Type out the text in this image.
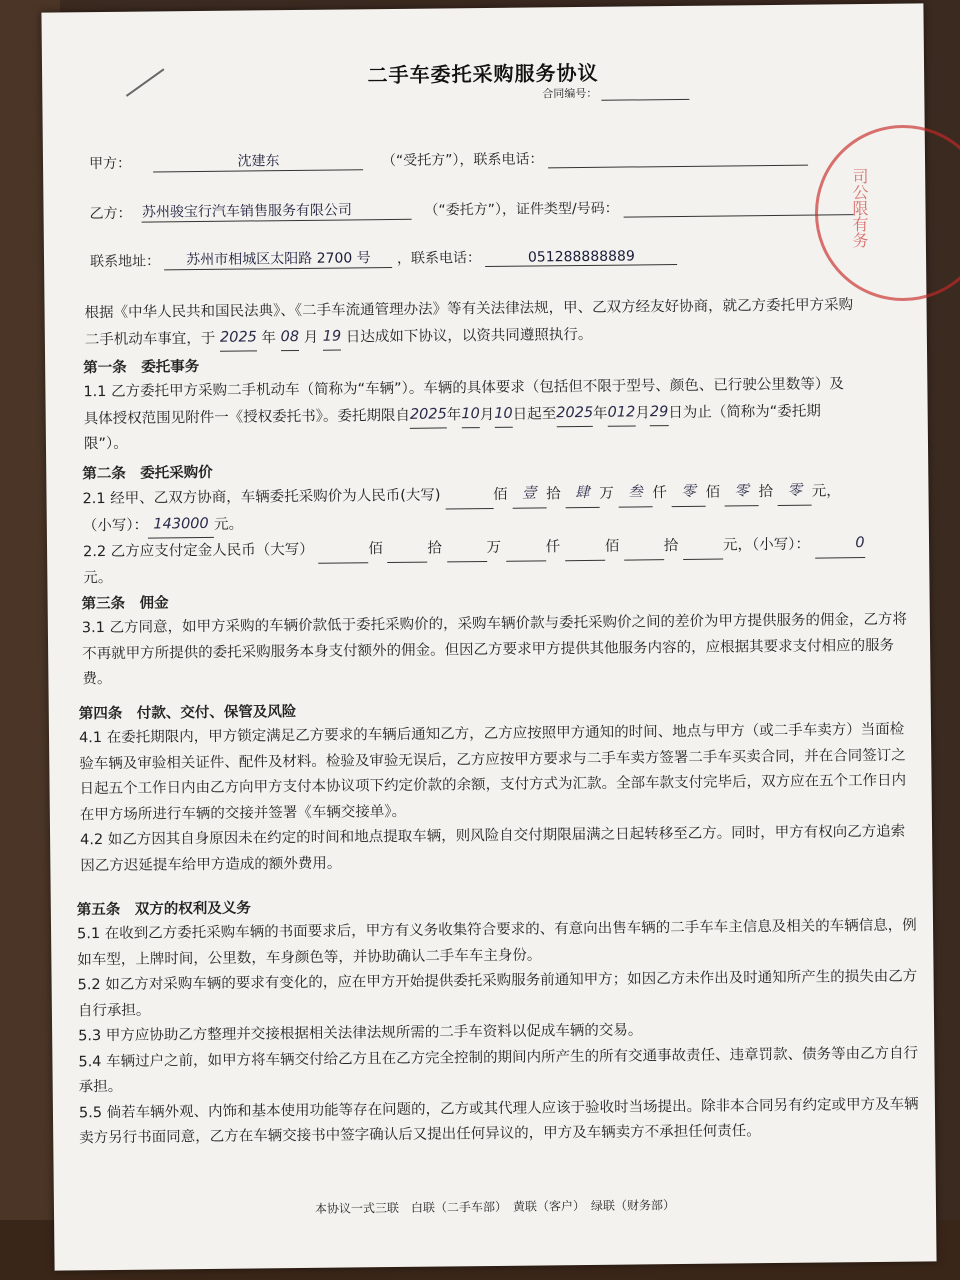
二手车委托采购服务协议
合同编号：
甲方：	沈建东	（“受托方”），联系电话：
乙方： 苏州骏宝行汽车销售服务有限公司	（“委托方”），证件类型/号码：
联系地址： 苏州市相城区太阳路 2700 号 ，联系电话：	051288888889
根据《中华人民共和国民法典》、《二手车流通管理办法》等有关法律法规，甲、乙双方经友好协商，就乙方委托甲方采购
二手机动车事宜，于 2025 年 08 月 19 日达成如下协议，以资共同遵照执行。
第一条　委托事务
1.1 乙方委托甲方采购二手机动车（简称为“车辆”）。车辆的具体要求（包括但不限于型号、颜色、已行驶公里数等）及
具体授权范围见附件一《授权委托书》。委托期限自2025年10月10日起至2025年012月29日为止（简称为“委托期
限”）。
第二条　委托采购价
2.1 经甲、乙双方协商，车辆委托采购价为人民币(大写)	佰 壹 拾 肆 万 叁 仟 零 佰 零 拾 零 元，
（小写）： 143000 元。
2.2 乙方应支付定金人民币（大写）	佰	拾	万	仟	佰	拾	元，（小写）：	0
元。
第三条　佣金
3.1 乙方同意，如甲方采购的车辆价款低于委托采购价的，采购车辆价款与委托采购价之间的差价为甲方提供服务的佣金，乙方将不再就甲方所提供的委托采购服务本身支付额外的佣金。但因乙方要求甲方提供其他服务内容的，应根据其要求支付相应的服务费。
第四条　付款、交付、保管及风险
4.1 在委托期限内，甲方锁定满足乙方要求的车辆后通知乙方，乙方应按照甲方通知的时间、地点与甲方（或二手车卖方）当面检验车辆及审验相关证件、配件及材料。检验及审验无误后，乙方应按甲方要求与二手车卖方签署二手车买卖合同，并在合同签订之日起五个工作日内由乙方向甲方支付本协议项下约定价款的余额，支付方式为汇款。全部车款支付完毕后，双方应在五个工作日内在甲方场所进行车辆的交接并签署《车辆交接单》。
4.2 如乙方因其自身原因未在约定的时间和地点提取车辆，则风险自交付期限届满之日起转移至乙方。同时，甲方有权向乙方追索因乙方迟延提车给甲方造成的额外费用。
第五条　双方的权利及义务
5.1 在收到乙方委托采购车辆的书面要求后，甲方有义务收集符合要求的、有意向出售车辆的二手车车主信息及相关的车辆信息，例如车型，上牌时间，公里数，车身颜色等，并协助确认二手车车主身份。
5.2 如乙方对采购车辆的要求有变化的，应在甲方开始提供委托采购服务前通知甲方；如因乙方未作出及时通知所产生的损失由乙方自行承担。
5.3 甲方应协助乙方整理并交接根据相关法律法规所需的二手车资料以促成车辆的交易。
5.4 车辆过户之前，如甲方将车辆交付给乙方且在乙方完全控制的期间内所产生的所有交通事故责任、违章罚款、债务等由乙方自行承担。
5.5 倘若车辆外观、内饰和基本使用功能等存在问题的，乙方或其代理人应该于验收时当场提出。除非本合同另有约定或甲方及车辆卖方另行书面同意，乙方在车辆交接书中签字确认后又提出任何异议的，甲方及车辆卖方不承担任何责任。
本协议一式三联　白联（二手车部）　黄联（客户）　绿联（财务部）
司公限有务
